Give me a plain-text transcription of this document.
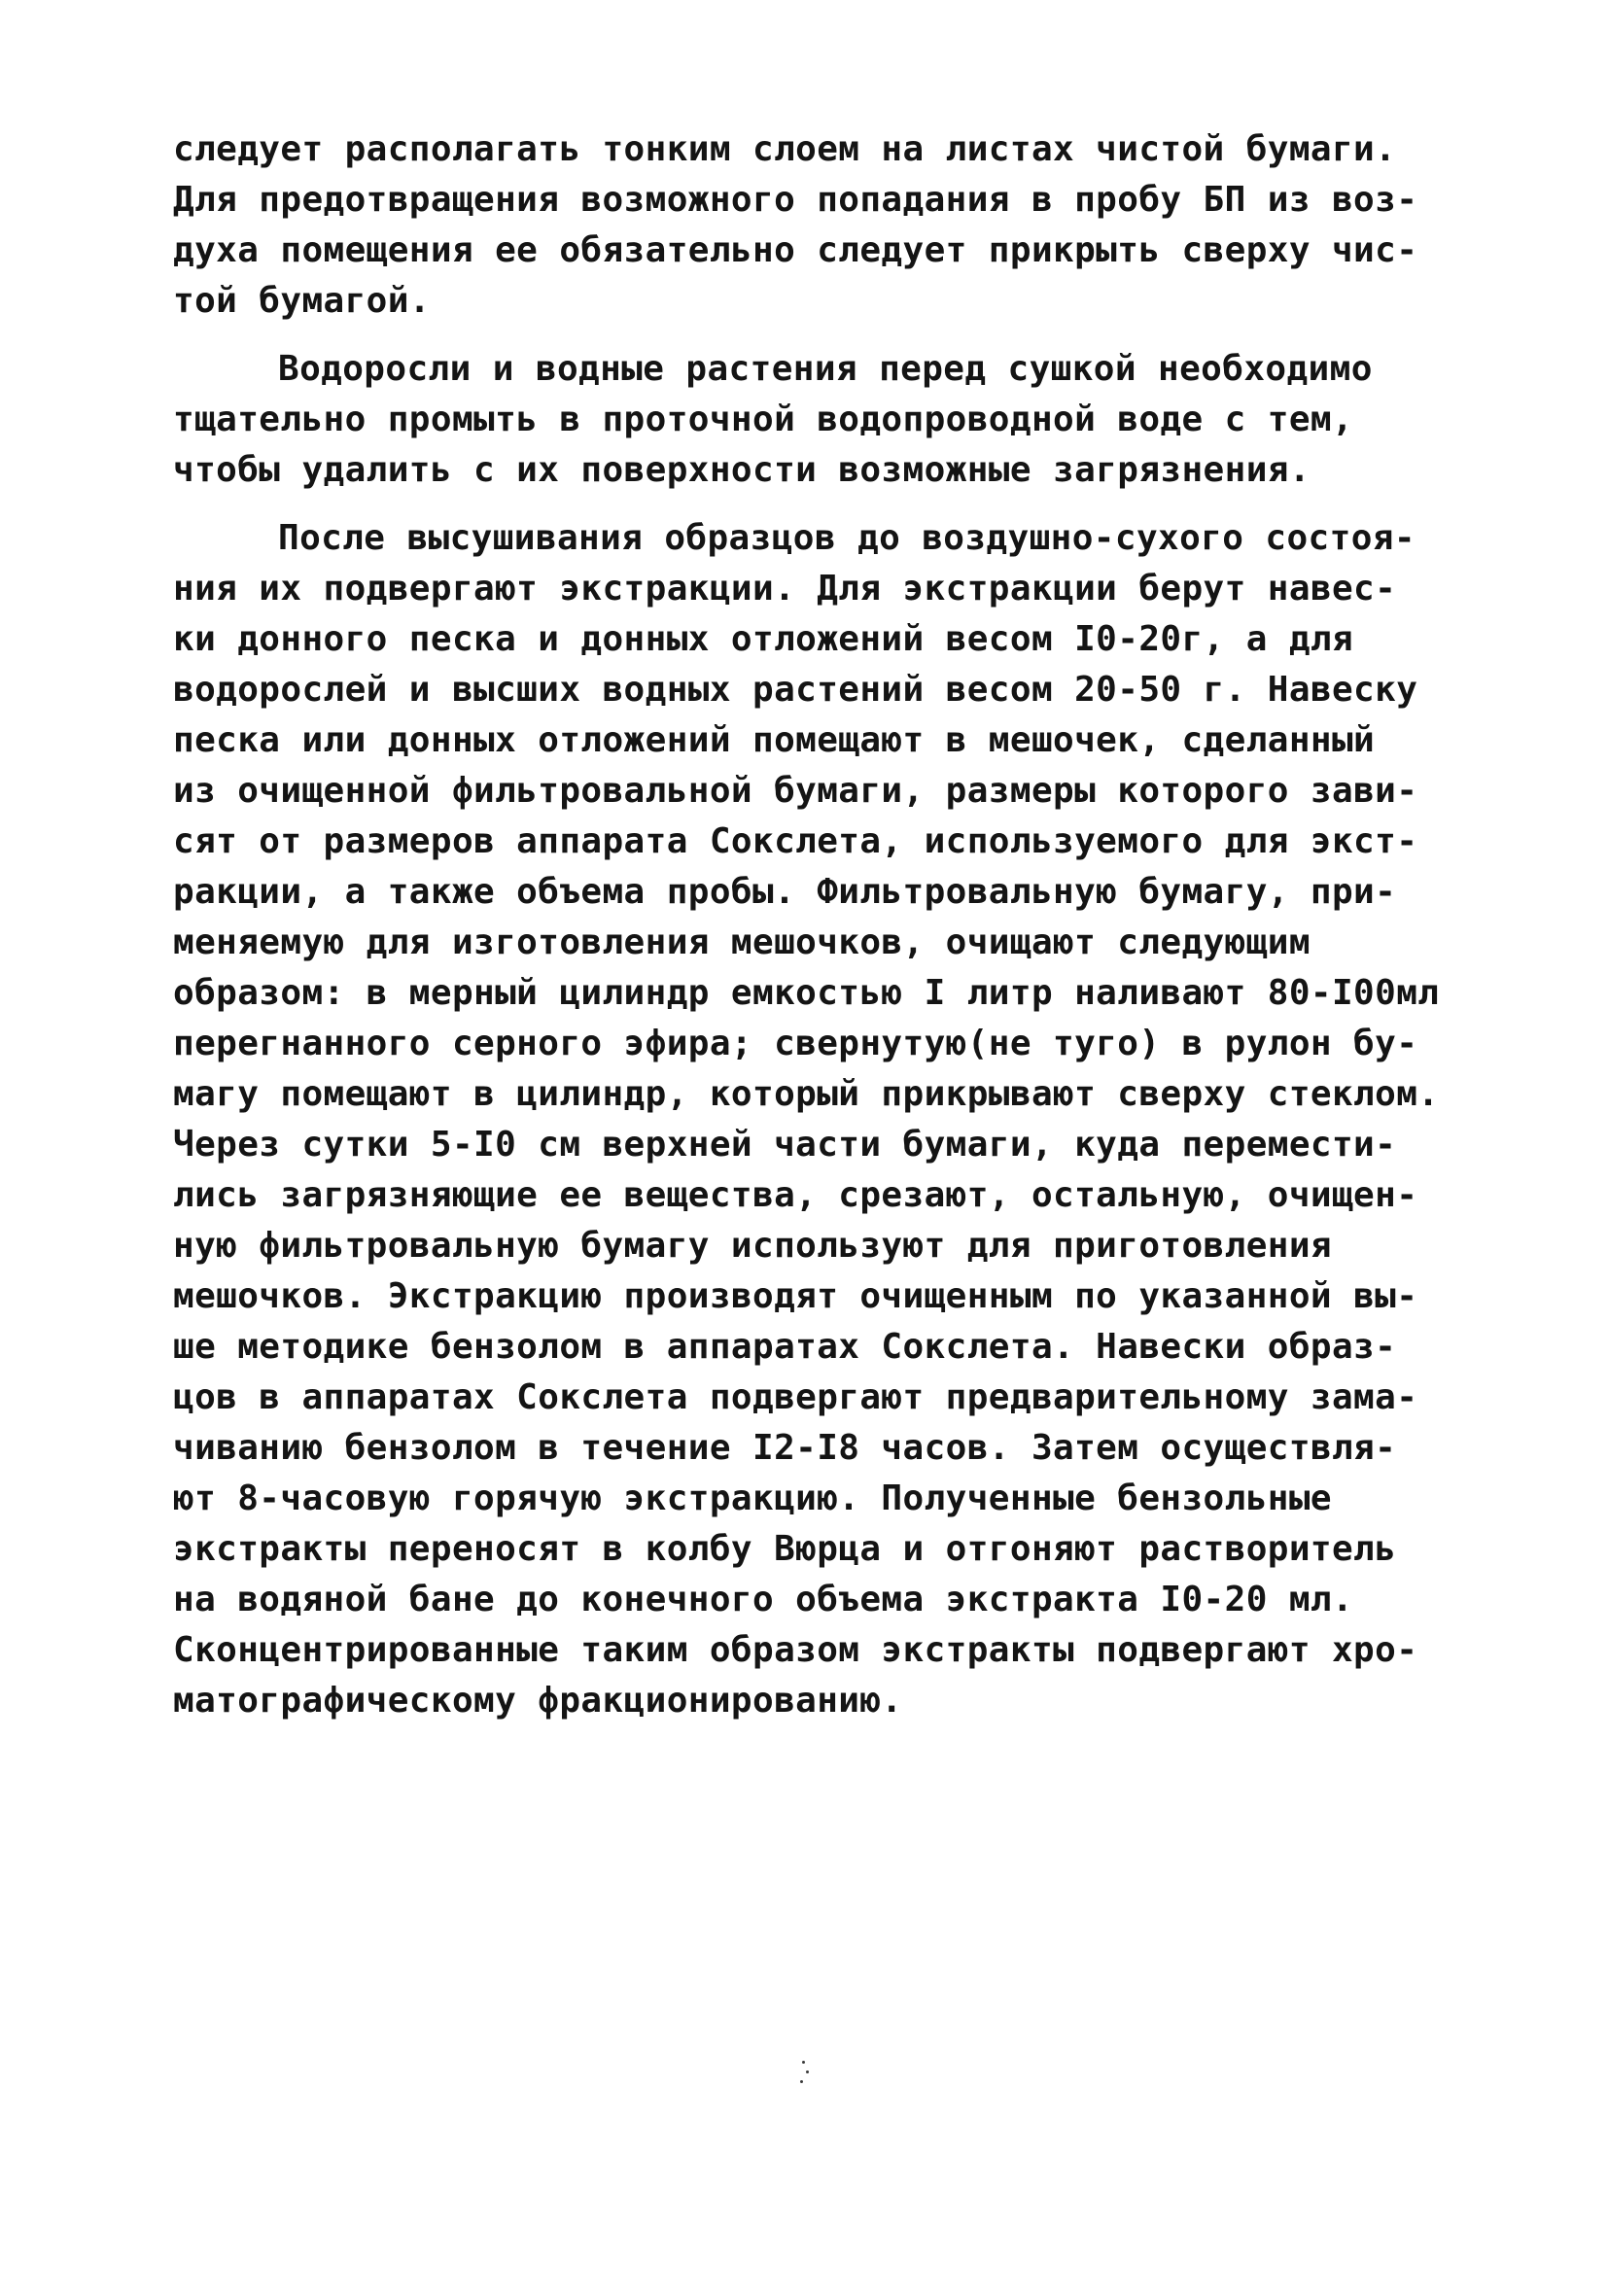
следует располагать тонким слоем на листах чистой бумаги.
Для предотвращения возможного попадания в пробу БП из воз-
духа помещения ее обязательно следует прикрыть сверху чис-
той бумагой.
Водоросли и водные растения перед сушкой необходимо
тщательно промыть в проточной водопроводной воде с тем,
чтобы удалить с их поверхности возможные загрязнения.
После высушивания образцов до воздушно-сухого состоя-
ния их подвергают экстракции. Для экстракции берут навес-
ки донного песка и донных отложений весом I0-20г, а для
водорослей и высших водных растений весом 20-50 г. Навеску
песка или донных отложений помещают в мешочек, сделанный
из очищенной фильтровальной бумаги, размеры которого зави-
сят от размеров аппарата Сокслета, используемого для экст-
ракции, а также объема пробы. Фильтровальную бумагу, при-
меняемую для изготовления мешочков, очищают следующим
образом: в мерный цилиндр емкостью I литр наливают 80-I00мл
перегнанного серного эфира; свернутую(не туго) в рулон бу-
магу помещают в цилиндр, который прикрывают сверху стеклом.
Через сутки 5-I0 см верхней части бумаги, куда перемести-
лись загрязняющие ее вещества, срезают, остальную, очищен-
ную фильтровальную бумагу используют для приготовления
мешочков. Экстракцию производят очищенным по указанной вы-
ше методике бензолом в аппаратах Сокслета. Навески образ-
цов в аппаратах Сокслета подвергают предварительному зама-
чиванию бензолом в течение I2-I8 часов. Затем осуществля-
ют 8-часовую горячую экстракцию. Полученные бензольные
экстракты переносят в колбу Вюрца и отгоняют растворитель
на водяной бане до конечного объема экстракта I0-20 мл.
Сконцентрированные таким образом экстракты подвергают хро-
матографическому фракционированию.
